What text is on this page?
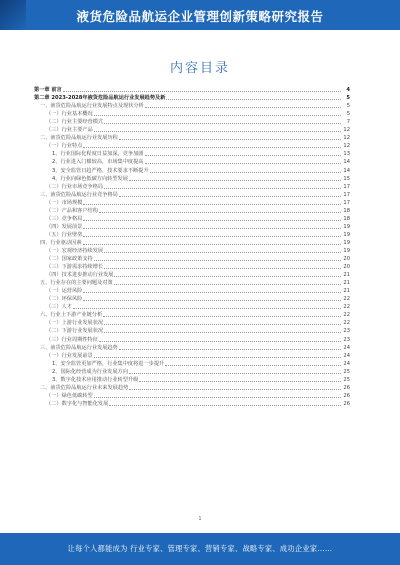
液货危险品航运企业管理创新策略研究报告
内容目录
第一章 前言	4
第二章 2023-2028年液货危险品航运行业发展趋势及新	5
一、液货危险品航运行业发展特点及现状分析	5
（一）行业基本概况	5
（二）行业主要经营模式	7
（三）行业主要产品	12
二、液货危险品航运行业发展历程	12
（一）行业特点	12
1、行业国际化程度日益加深，竞争加剧	13
2、行业进入门槛较高，市场集中度提高	14
3、安全监管日趋严格，技术要求不断提升	14
4、行业向绿色低碳方向转型发展	15
（二）行业市场竞争格局	17
三、液货危险品航运行业竞争格局	17
（一）市场规模	17
（二）产品和客户结构	18
（三）竞争格局	18
（四）发展前景	19
（五）行业壁垒	19
四、行业驱动因素	19
（一）宏观经济持续发展	19
（二）国家政策支持	20
（三）下游需求持续增长	20
（四）技术进步推动行业发展	21
五、行业存在的主要问题及对策	21
（一）运营风险	21
（二）环保风险	22
（三）人才	22
六、行业上下游产业链分析	22
（一）上游行业发展状况	22
（二）下游行业发展状况	23
（三）行业周期性特征	23
三、液货危险品航运行业发展趋势	24
（一）行业发展前景	24
1、安全监管更加严格，行业集中度将进一步提升	24
2、国际化经营成为行业发展方向	25
3、数字化技术应用推动行业转型升级	25
二、液货危险品航运行业未来发展趋势	26
（一）绿色低碳转型	26
（二）数字化与智能化发展	26
1
让每个人都能成为 行业专家、管理专家、营销专家、战略专家、成功企业家……
